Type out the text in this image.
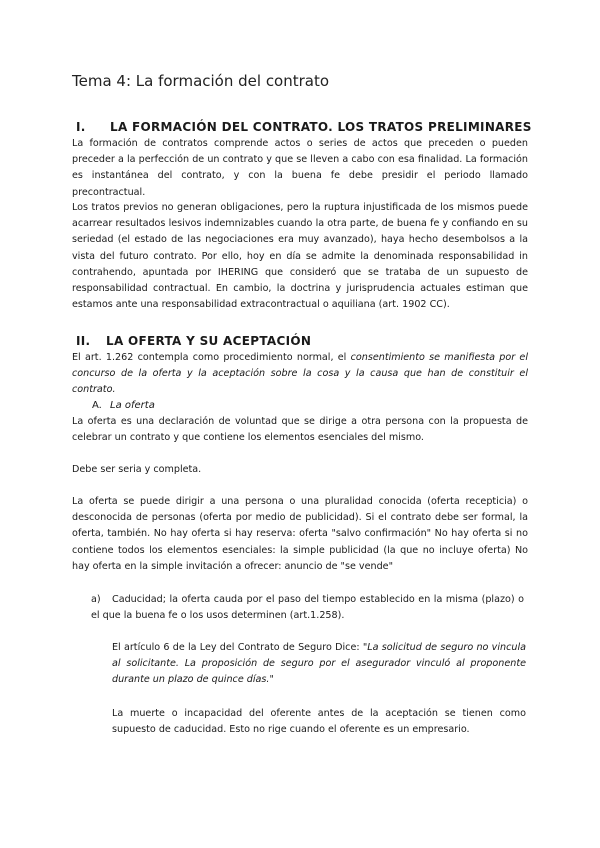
Tema 4: La formación del contrato
I. LA FORMACIÓN DEL CONTRATO. LOS TRATOS PRELIMINARES

La formación de contratos comprende actos o series de actos que preceden o pueden preceder a la perfección de un contrato y que se lleven a cabo con esa finalidad. La formación es instantánea del contrato, y con la buena fe debe presidir el periodo llamado precontractual.

Los tratos previos no generan obligaciones, pero la ruptura injustificada de los mismos puede acarrear resultados lesivos indemnizables cuando la otra parte, de buena fe y confiando en su seriedad (el estado de las negociaciones era muy avanzado), haya hecho desembolsos a la vista del futuro contrato. Por ello, hoy en día se admite la denominada responsabilidad in contrahendo, apuntada por IHERING que consideró que se trataba de un supuesto de responsabilidad contractual. En cambio, la doctrina y jurisprudencia actuales estiman que estamos ante una responsabilidad extracontractual o aquiliana (art. 1902 CC).

II. LA OFERTA Y SU ACEPTACIÓN

El art. 1.262 contempla como procedimiento normal, el consentimiento se manifiesta por el concurso de la oferta y la aceptación sobre la cosa y la causa que han de constituir el contrato.

A. La oferta

La oferta es una declaración de voluntad que se dirige a otra persona con la propuesta de celebrar un contrato y que contiene los elementos esenciales del mismo.

Debe ser seria y completa.

La oferta se puede dirigir a una persona o una pluralidad conocida (oferta recepticia) o desconocida de personas (oferta por medio de publicidad). Si el contrato debe ser formal, la oferta, también. No hay oferta si hay reserva: oferta "salvo confirmación" No hay oferta si no contiene todos los elementos esenciales: la simple publicidad (la que no incluye oferta) No hay oferta en la simple invitación a ofrecer: anuncio de "se vende"

a) Caducidad; la oferta cauda por el paso del tiempo establecido en la misma (plazo) o el que la buena fe o los usos determinen (art.1.258).

El artículo 6 de la Ley del Contrato de Seguro Dice: "La solicitud de seguro no vincula al solicitante. La proposición de seguro por el asegurador vinculó al proponente durante un plazo de quince días."

La muerte o incapacidad del oferente antes de la aceptación se tienen como supuesto de caducidad. Esto no rige cuando el oferente es un empresario.
